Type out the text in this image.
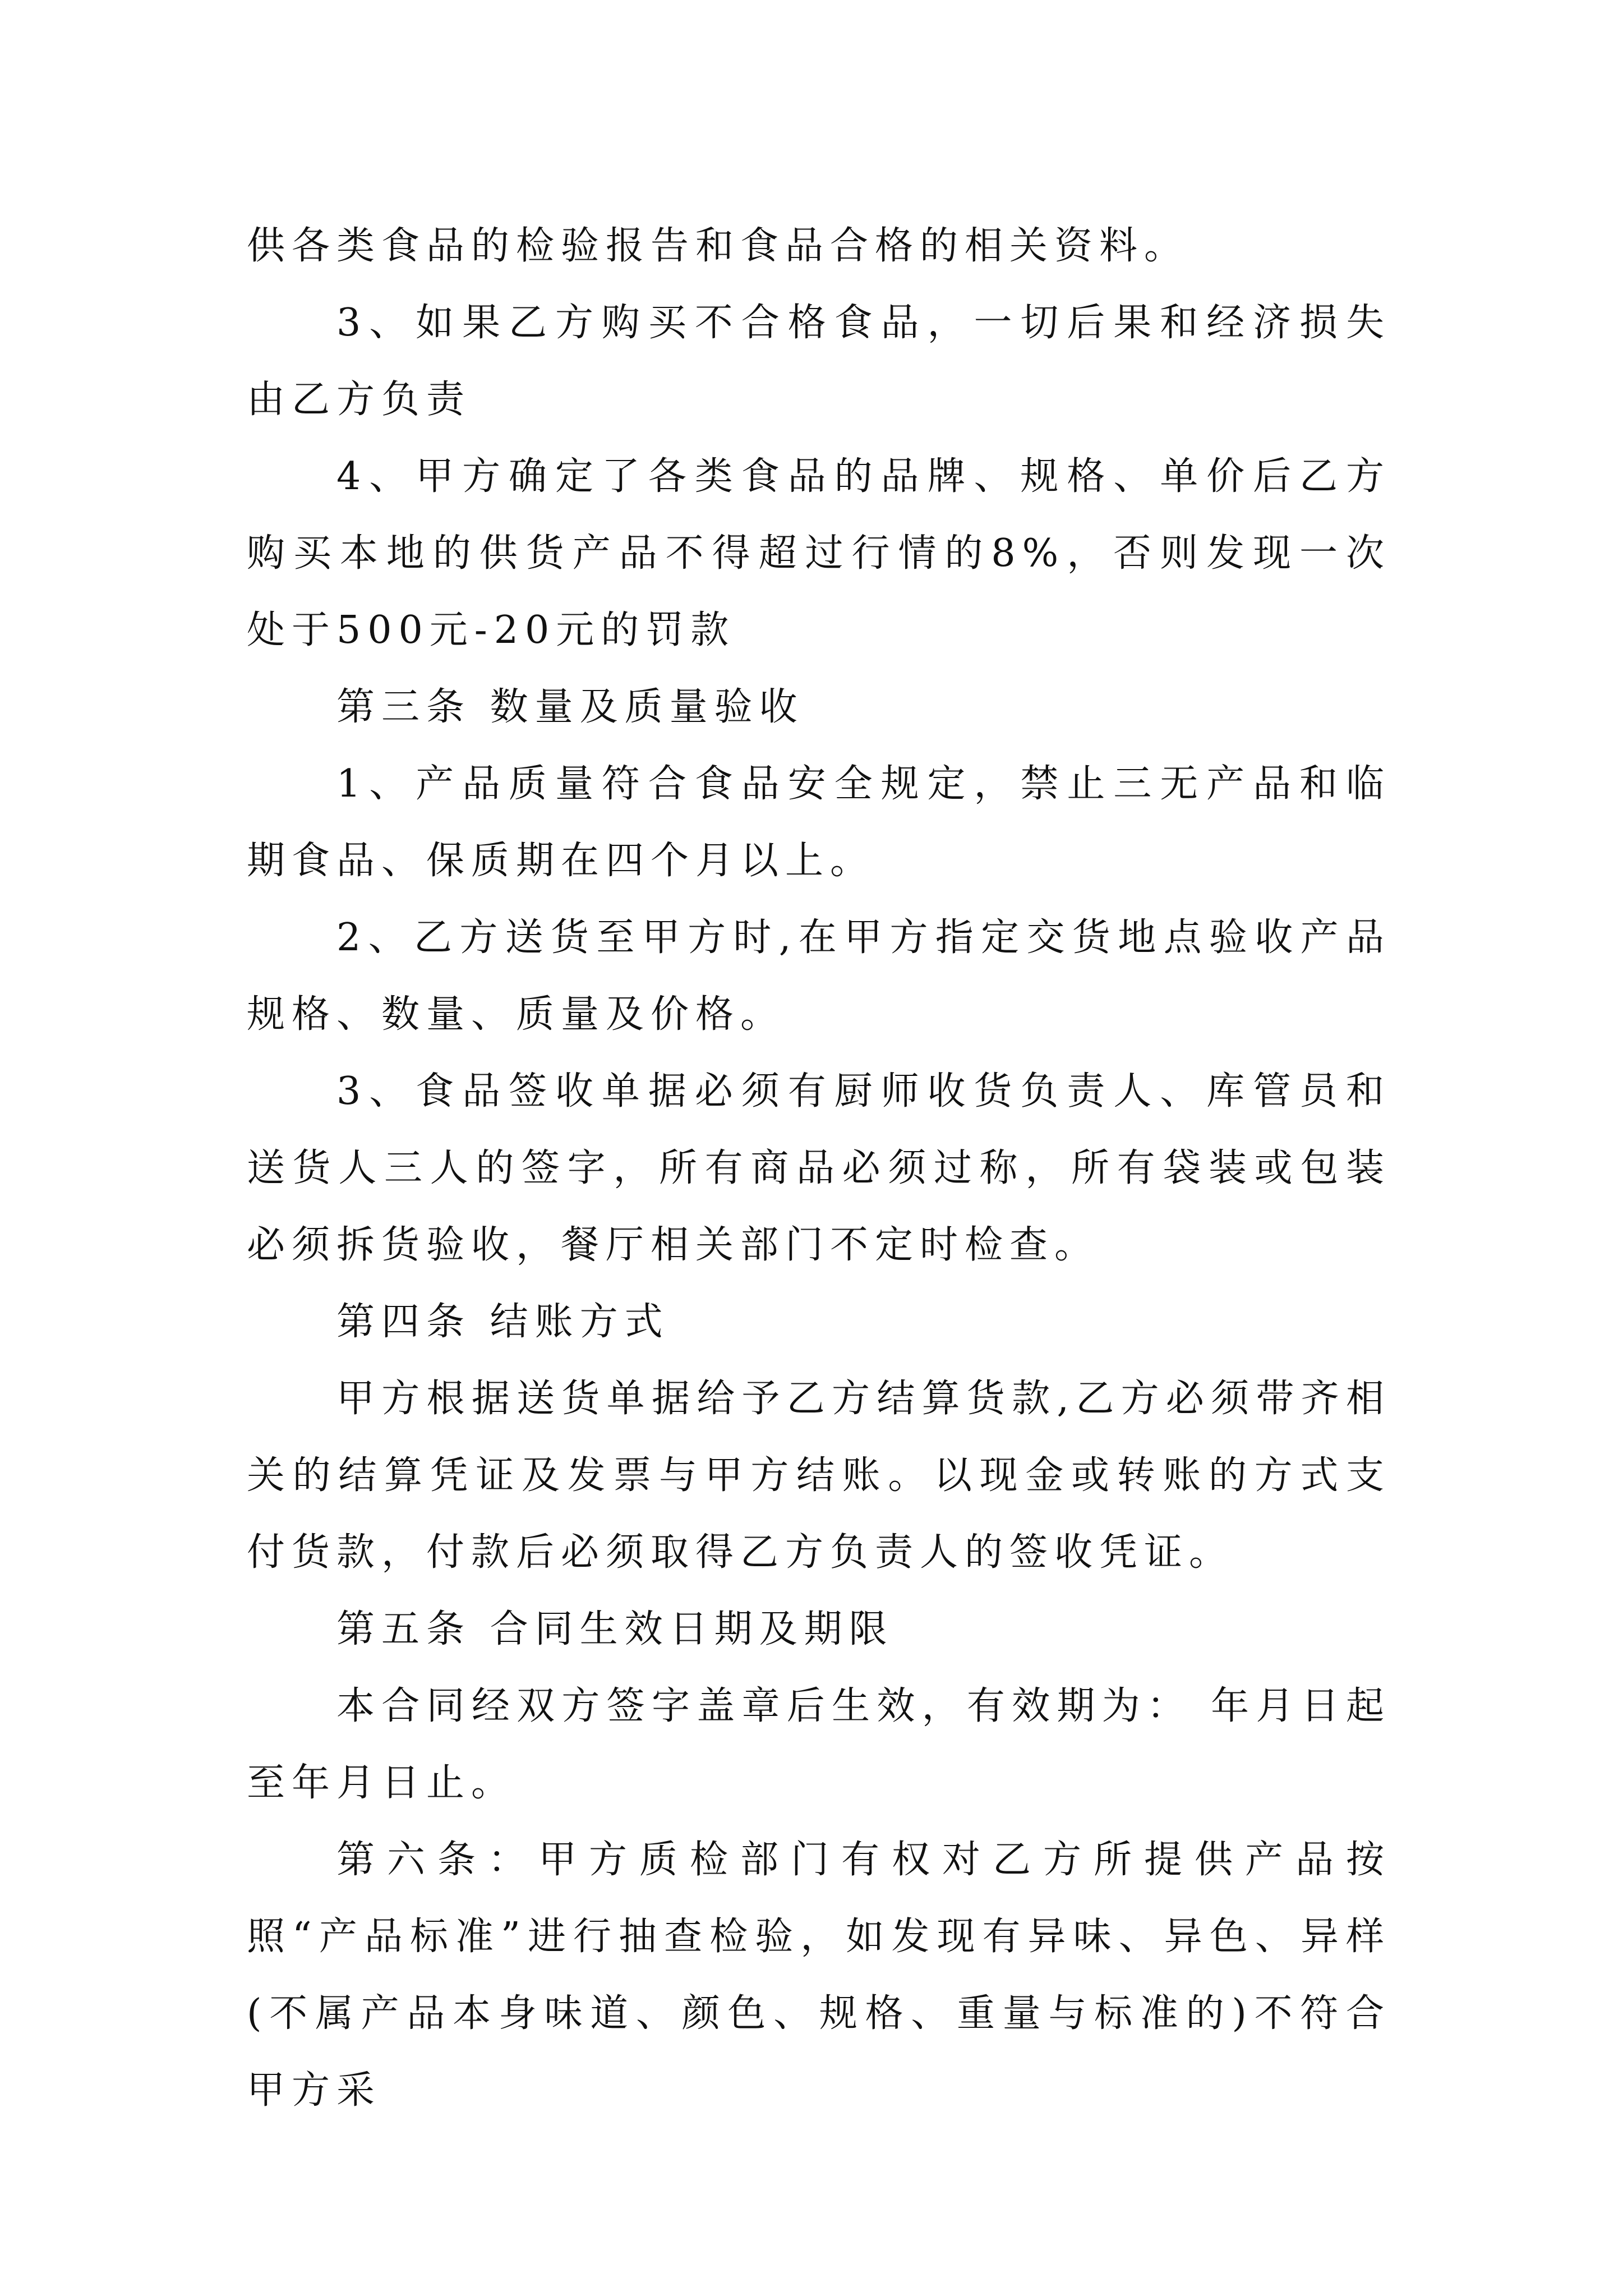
供各类食品的检验报告和食品合格的相关资料。

3、如果乙方购买不合格食品，一切后果和经济损失由乙方负责

4、甲方确定了各类食品的品牌、规格、单价后乙方购买本地的供货产品不得超过行情的8%，否则发现一次处于500元-20元的罚款

第三条 数量及质量验收

1、产品质量符合食品安全规定，禁止三无产品和临期食品、保质期在四个月以上。

2、乙方送货至甲方时,在甲方指定交货地点验收产品规格、数量、质量及价格。

3、食品签收单据必须有厨师收货负责人、库管员和送货人三人的签字，所有商品必须过称，所有袋装或包装必须拆货验收，餐厅相关部门不定时检查。

第四条 结账方式

甲方根据送货单据给予乙方结算货款,乙方必须带齐相关的结算凭证及发票与甲方结账。以现金或转账的方式支付货款，付款后必须取得乙方负责人的签收凭证。

第五条 合同生效日期及期限

本合同经双方签字盖章后生效，有效期为： 年月日起至年月日止。

第六条：甲方质检部门有权对乙方所提供产品按照“产品标准”进行抽查检验，如发现有异味、异色、异样(不属产品本身味道、颜色、规格、重量与标准的)不符合甲方采
